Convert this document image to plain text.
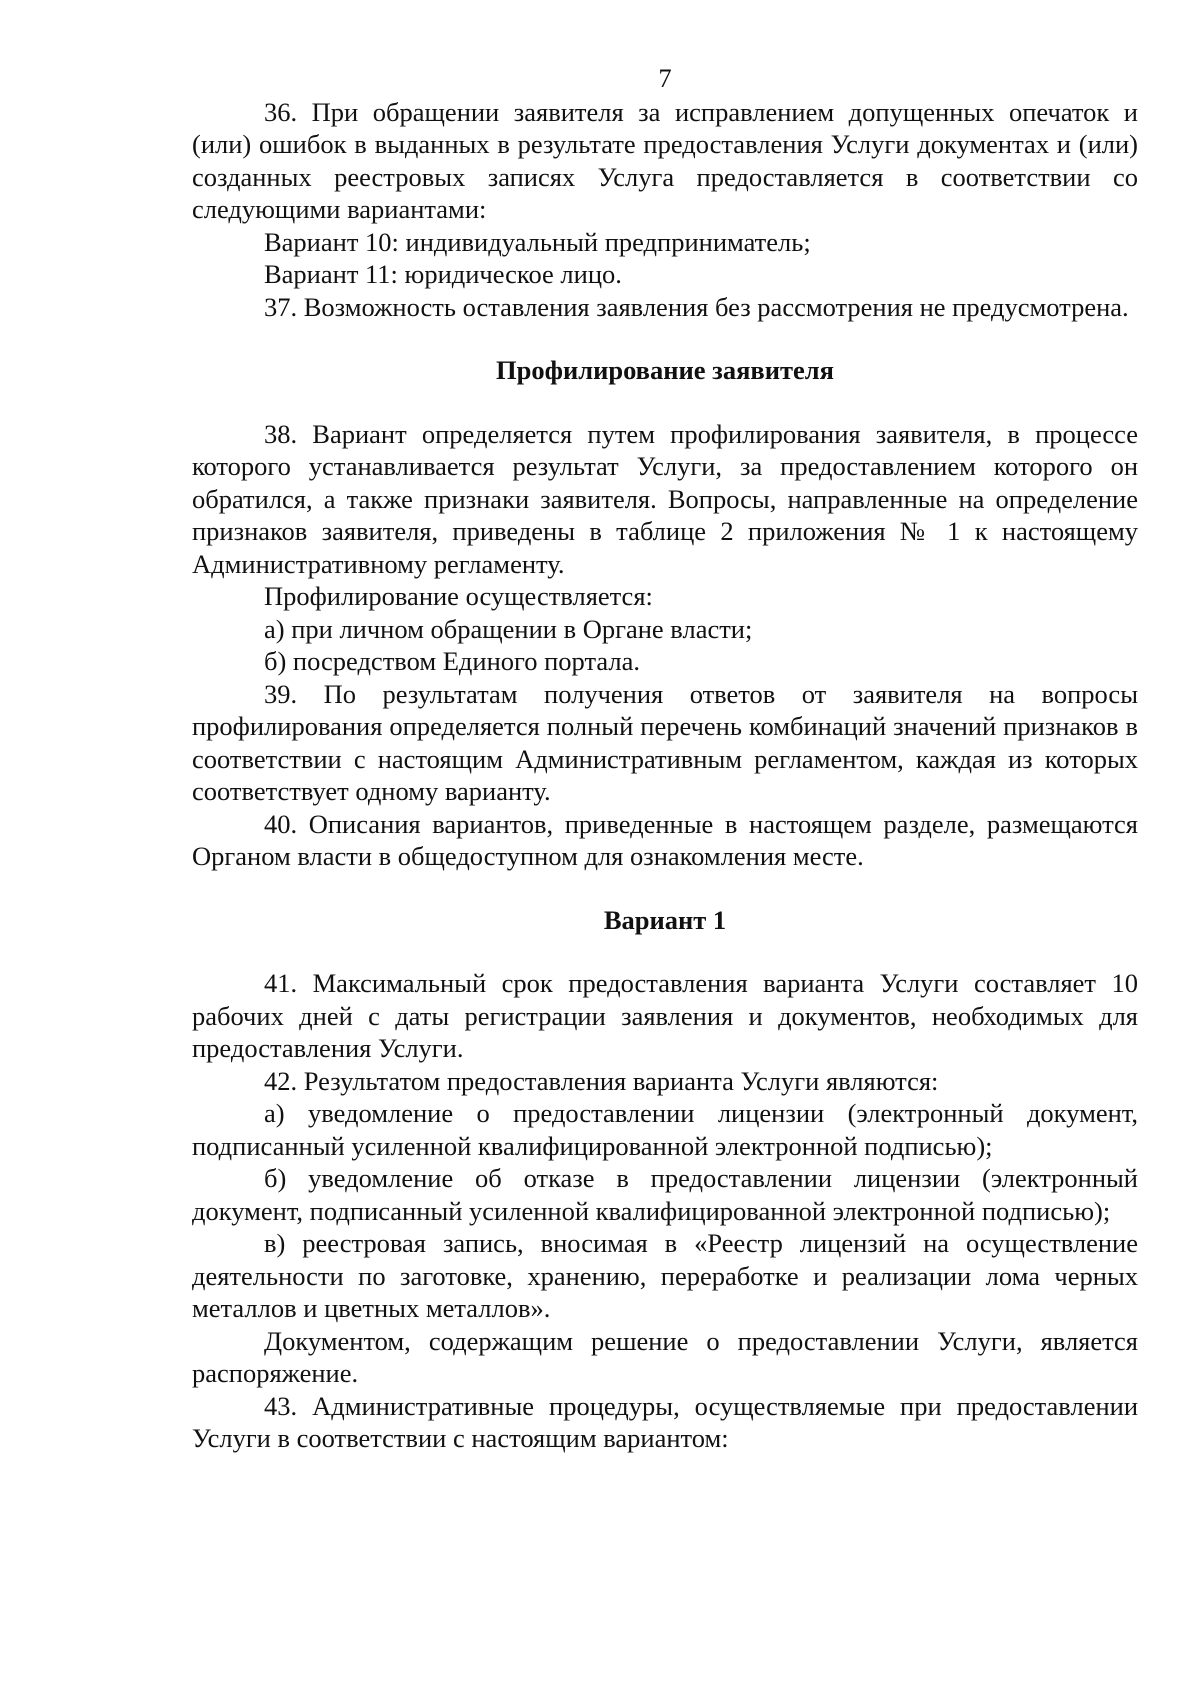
7

36. При обращении заявителя за исправлением допущенных опечаток и (или) ошибок в выданных в результате предоставления Услуги документах и (или) созданных реестровых записях Услуга предоставляется в соответствии со следующими вариантами:

Вариант 10: индивидуальный предприниматель;

Вариант 11: юридическое лицо.

37. Возможность оставления заявления без рассмотрения не предусмотрена.

Профилирование заявителя

38. Вариант определяется путем профилирования заявителя, в процессе которого устанавливается результат Услуги, за предоставлением которого он обратился, а также признаки заявителя. Вопросы, направленные на определение признаков заявителя, приведены в таблице 2 приложения № 1 к настоящему Административному регламенту.

Профилирование осуществляется:

а) при личном обращении в Органе власти;

б) посредством Единого портала.

39. По результатам получения ответов от заявителя на вопросы профилирования определяется полный перечень комбинаций значений признаков в соответствии с настоящим Административным регламентом, каждая из которых соответствует одному варианту.

40. Описания вариантов, приведенные в настоящем разделе, размещаются Органом власти в общедоступном для ознакомления месте.

Вариант 1

41. Максимальный срок предоставления варианта Услуги составляет 10 рабочих дней с даты регистрации заявления и документов, необходимых для предоставления Услуги.

42. Результатом предоставления варианта Услуги являются:

а) уведомление о предоставлении лицензии (электронный документ, подписанный усиленной квалифицированной электронной подписью);

б) уведомление об отказе в предоставлении лицензии (электронный документ, подписанный усиленной квалифицированной электронной подписью);

в) реестровая запись, вносимая в «Реестр лицензий на осуществление деятельности по заготовке, хранению, переработке и реализации лома черных металлов и цветных металлов».

Документом, содержащим решение о предоставлении Услуги, является распоряжение.

43. Административные процедуры, осуществляемые при предоставлении Услуги в соответствии с настоящим вариантом:
